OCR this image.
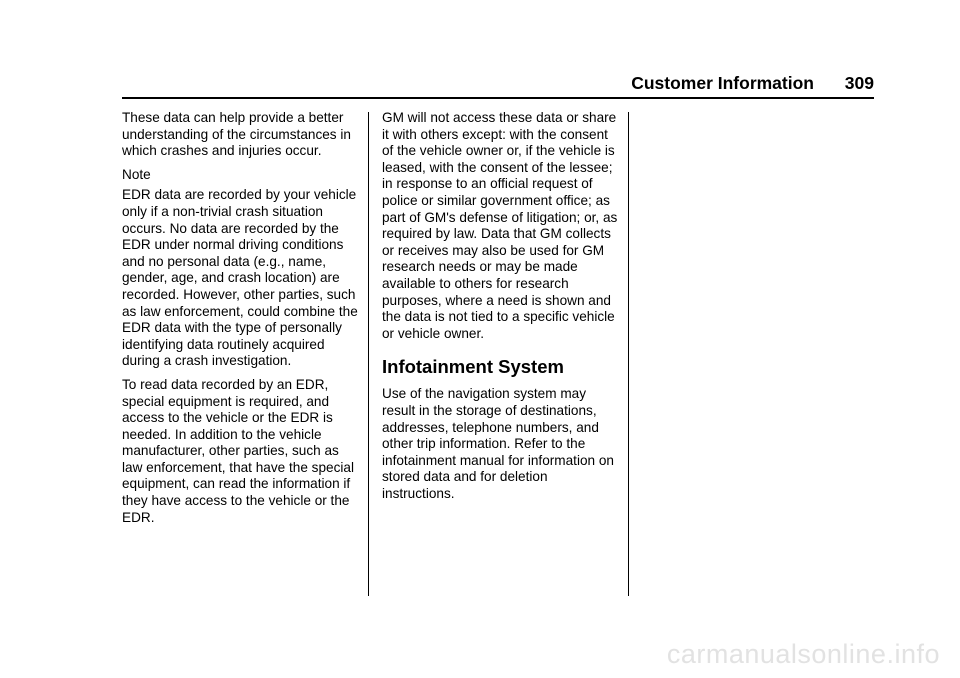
Customer Information 309

These data can help provide a better understanding of the circumstances in which crashes and injuries occur.

Note

EDR data are recorded by your vehicle only if a non-trivial crash situation occurs. No data are recorded by the EDR under normal driving conditions and no personal data (e.g., name, gender, age, and crash location) are recorded. However, other parties, such as law enforcement, could combine the EDR data with the type of personally identifying data routinely acquired during a crash investigation.

To read data recorded by an EDR, special equipment is required, and access to the vehicle or the EDR is needed. In addition to the vehicle manufacturer, other parties, such as law enforcement, that have the special equipment, can read the information if they have access to the vehicle or the EDR.

GM will not access these data or share it with others except: with the consent of the vehicle owner or, if the vehicle is leased, with the consent of the lessee; in response to an official request of police or similar government office; as part of GM's defense of litigation; or, as required by law. Data that GM collects or receives may also be used for GM research needs or may be made available to others for research purposes, where a need is shown and the data is not tied to a specific vehicle or vehicle owner.

Infotainment System

Use of the navigation system may result in the storage of destinations, addresses, telephone numbers, and other trip information. Refer to the infotainment manual for information on stored data and for deletion instructions.

carmanualsonline.info
